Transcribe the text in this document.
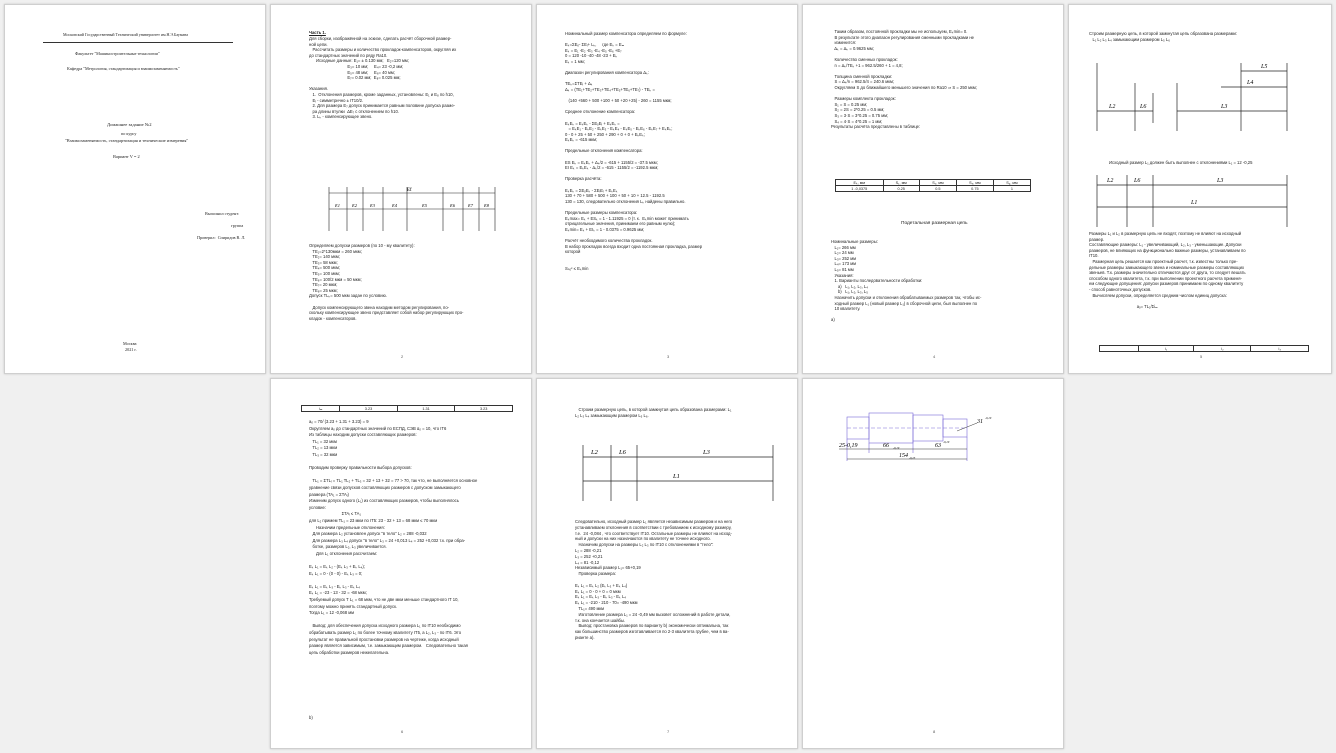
Московский Государственный Технический университет им.Н.Э.Баумана
Факультет "Машиностроительные технологии"
Кафедра "Метрология, стандартизация и взаимозаменяемость"
Домашнее задание №2
по курсу
"Взаимозаменяемость, стандартизация и технические измерения"
Вариант V = 2
Выполнил студент:
группа
Проверил:  Спиридов В. Л.
Москва
2021 г.
Часть 1.
Для сборки, изображённой на эскизе, сделать расчёт сборочной размер-
ной цепи.
Рассчитать размеры и количество прокладок-компенсаторов, округляя их
до стандартных значений по ряду Ra10.
Исходные данные: E₁= ± 0.130 мм;   E₂=120 мм;
E₃= 10 мм;     E₄= 23 -0,2 мм;
E₅= 48 мм;     E₆= 40 мм;
E₇= 0.02 мм;  E₈= 0.025 мм;
Указания.
1.  Отклонения размеров, кроме заданных, установлены: E₁ и E₈ по h10,
Eᵢ - симметрично ± IT10/2.
2. Для размера E₇ допуск принимается равным половине допуска разме-
ра длины втулки  ΔE₇ с отклонением по h10.
3. Lₖ - компенсирующее звено.
Ef
E1	E2	E3	E4	E5	E6	E7 E8
Определяем допуски размеров (по 10 - му квалитету):
TE₁=2*130мкм = 260 мкм;
TE₂= 140 мкм;
TE₃= 58 мкм;
TE₄= 500 мкм;
TE₅= 100 мкм;
TE₆= 100/2 мкм = 50 мкм;
TE₇= 20 мкм;
TE₈= 25 мкм;
Допуск TLₖ= 500 мкм задан по условию.
Допуск компенсирующего звена находим методом регулирования, по-
скольку компенсирующее звено представляет собой набор регулирующих про-
кладок - компенсаторов.
2
Номинальный размер компенсатора определяем по формуле:
Eₖ=ΣEₒ- ΣEᵢ+ Lₖ,     где Eₖ = Eₘ
Eₖ = E₁ -E₂ -E₃ -E₄ -E₅ -E₆ +E₇
0 = 120 -10 -40 -48 -23 + Eₖ
Eₖ = 1 мм;
Диапазон регулирования компенсатора Δₖ:
TEₖ=ΣTEᵢ + Δₖ
Δₖ = (TE₁+TE₂+TE₃+TE₄+TE₅+TE₆+TE₇) - TEₖ =
(140 +560 + 500 +100 + 50 +20 +25) - 260 = 1155 мкм;
Среднее отклонение компенсатора:
EₖEₖ = EₖEₖ - ΣEₒEᵢ + EₖEₖ =
= EₖE₁ - EₖE₂ - EₖE₃ - EₖE₄ - EₖE₅ - EₖE₆ - EₖE₇ + EₖEₖ;
0 - 0 + 25 + 50 + 250 + 290 + 0 + 0 + EₖEₖ;
EₖEₖ = -615 мкм;
Предельные отклонения компенсатора:
ES Eₖ = EₖEₖ + Δₖ/2 = -615 + 1155/2 = -37.5 мкм;
EI Eₖ = EₖEₖ - Δₖ/2 = -615 - 1155/2 = -1192.5 мкм;
Проверка расчёта:
EₖEₖ = ΣEₒEₖ - ΣEᵢEᵢ + EₖEₖ
130 + 70 + 580 + 500 + 100 + 50 + 10 + 12.5 - 1192.5
130 = 130, следовательно отклонения Lₖ найдены правильно.
Предельные размеры компенсатора:
Eₖmax= Eₖ + ESₖ = 1 - 1.11925 = 0 (т. к.  Eₖmin может принимать
отрицательные значения, принимаем его равным нулю);
Eₖmin= Eₖ + EIₖ = 1 - 0.0375 = 0.9625 мм;
Расчёт необходимого количества прокладок.
В набор прокладок всегда входит одна постоянная прокладка, размер
которой
Sₙₒᶜ ≤ Eₖmin
3
Таким образом, постоянной прокладки мы не используем, Eₖmin= 0.
В результате этого диапазон регулирования сменными прокладками не
изменится:
Δₖ = Δₖ = 0.9625 мм;
Количество сменных прокладок:
n = Δₖ/TEₖ +1 = 962.5/260 + 1 = 4,8;
Толщина сменной прокладки:
S = Δₖ/n = 962.5/4 = 240.6 мкм;
Округляем S до ближайшего меньшего значения по Ra10 ⇒ S = 250 мкм;
Размеры комплекта прокладок:
S₁ = S = 0.25 мм;
S₂ = 2S = 2*0.25 = 0.5 мм;
S₃ = 3·S = 3*0.25 = 0.75 мм;
S₄ = 4·S = 4*0.25 = 1 мм;
Результаты расчёта представлены в таблице:
Eₖ, мм	S₁, мм	S₂, мм	S₃, мм	S₄, мм
1 -0,0375	0.25	0.5	0.75	1
Подетальная размерная цепь
Номинальные размеры:
L₁= 266 мм
L₂= 24 мм
L₃= 252 мм
L₄= 173 мм
L₅= 81 мм
Указания:
1. Варианты последовательности обработки:
а)   L₁, L₂, L₃, L₄
b)   L₁, L₂, L₃, L₅
Назначить допуски и отклонения обрабатываемых размеров так, чтобы ис-
ходный размер L₁ (новый размер L₁) в сборочной цепи, был выполнен по
10 квалитету.
а)
4
Строим размерную цепь, в которой замкнутая цепь образована размерами:
L₁ L₂ L₃ L₄ замыкающим размером L₅ L₆
L5
L4
L2	L6	L3
Исходный размер L₁ должен быть выполнен с отклонениями L₁ = 12 -0,25
L2	L6	L3
L1
Размеры L₁ и L₂ в размерную цепь не входят, поэтому не влияют на исходный
размер.
Составляющие размеры: L₁ - увеличивающий, L₂, L₃ - уменьшающие. Допуски
размеров, не влияющих на функционально важные размеры, устанавливаем по
IT10.
Размерная цепь решается как проектный расчет, т.к. известны только пре-
дельные размеры замыкающего звена и номинальные размеры составляющих
звеньев. Т.к. размеры значительно отличаются друг от друга, то следует вешать
способом одного квалитета, т.к. при выполнении проектного расчета применя-
ем следующие допущения: допуски размеров принимаем по одному квалитету
- способ равноточных допусков.
Вычисляем допуски, определяется средним числом единиц допуска:
aₒ= TL₁/Σiₘ
	i₁	i₂	i₃
5
iₘ	3.23	1.31	3.23
aₒ = 70/ (3.23 + 1.31 + 3.23) = 9
Округляем aₒ до стандартных значений по ЕСПД, СЭВ αₒ = 10, что IT6
Из таблицы находим допуски составляющих размеров:
TL₁ = 32 мкм
TL₂ = 13 мкм
TL₃ = 32 мкм
Проводим проверку правильности выбора допусков:
TL₁ = ΣTLᵢ = TL₁ TL₂ + TL₃ = 32 + 13 + 32 = 77 > 70, так что, не выполняется основное
уравнение связи допусков составляющих размеров с допуском замыкающего
размера (TA₁ = ΣTAᵢ)
Изменим допуск одного (L₁) из составляющих размеров, чтобы выполнялось
условие:
ΣTAᵢ ≤ TA₁
для L₂ примем TL₁ = 23 мкм по IT5: 23 - 32 + 13 = 68 мкм ≤ 70 мкм
Назначим предельные отклонения:
Для размера L₂ установлен допуск "в тело" L₂ = 288 -0,032
Для размера L₃ L₄ допуск "в тело" L₃ = 24 +0,013 L₄ = 252 +0,032 т.к. при обра-
ботке, размеров L₂, L₃ увеличивается.
Для L₁ отклонения рассчитаем:
Eₖ L₁ = Eₖ L₂ - (Eₖ L₃ + Eₖ L₄);
Eₖ L₁ = 0 - (0 - 0) - Eₖ L₃ = 0;
Eₖ L₁ = Eₖ L₃ - Eₖ L₃ - Eₖ L₄
Eₖ L₁ = -23 - 13 - 32 = -68 мкм;
Требуемый допуск T L₁ = 68 мкм, что не две мкм меньше стандартного IT 10,
поэтому можно принять стандартный допуск.
Тогда L₁ = 12 -0,068 мм
Вывод: для обеспечения допуска исходного размера L₁ по IT10 необходимо
обрабатывать размер L₁ по более точному квалитету IT5, а L₂, L₃ - по IT6. Это
результат не правильной простановки размеров на чертеже, когда исходный
размер является зависимым, т.е. замыкающим размером.   Следовательно такая
цепь обработки размеров нежелательна.
b)
6
Строим размерную цепь, в которой замкнутая цепь образована размерами: L₁
L₂ L₃ L₄ замыкающим размером L₅ L₆.
L2	L6	L3
L1
Следовательно, исходный размер L₁ является независимым размером и на него
устанавливаем отклонения в соответствии с требованием к исходному размеру,
т.е.  24 -0,084 , что соответствует IT10. Остальные размеры не влияют на исход-
ный и допуски на них назначаются по квалитету не точнее исходного.
Назначим допуски на размеры L₂ L₃ по IT10 с отклонениями в "тело":
L₂ = 288 -0,21
L₃ = 252 +0,21
L₄ = 81 -0,12
Независимый размер L₁= 65+0,19
Проверка размера:
Eₖ L₁ = Eₖ L₂ (Eₖ L₃ + Eₖ L₄)
Eₖ L₁ = 0 - 0 + 0 = 0 мкм
Eₖ L₁ = Eₖ L₃ - Eₖ L₃ - Eₖ L₄
Eₖ L₁ = -210 - 210 - 70= -490 мкм
TL₁= 490 мкм
Изготовление размера L₁ = 24 -0,49 мм вызовет осложнений в работе детали,
т.к. она кончается шайбы.
Вывод: простановка размеров по варианту b) экономически оптимальна, так
как большинство размеров изготавливается по 2-3 квалитета грубее, чем в ва-
рианте а).
7
25-0,19	66 -0,19	63
-0,19
31
-0,19
154 -0,25
8
